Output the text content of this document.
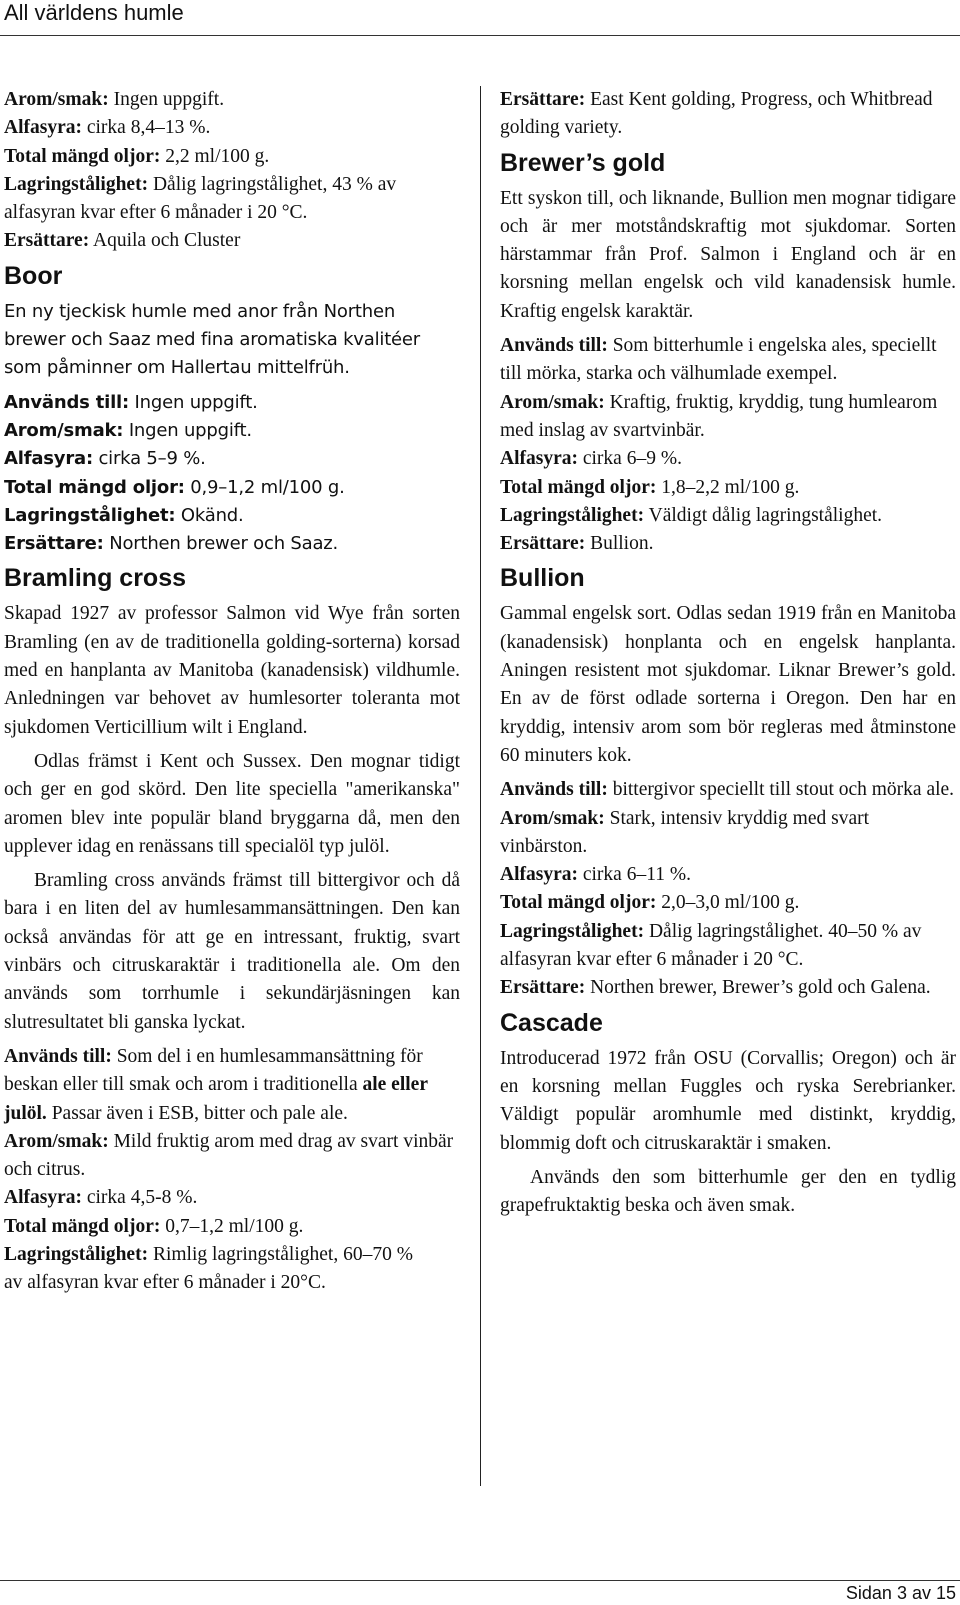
All världens humle

Arom/smak: Ingen uppgift.

Alfasyra: cirka 8,4–13 %.

Total mängd oljor: 2,2 ml/100 g.

Lagringstålighet: Dålig lagringstålighet, 43 % av alfasyran kvar efter 6 månader i 20 °C.

Ersättare: Aquila och Cluster

Boor

En ny tjeckisk humle med anor från Northen brewer och Saaz med fina aromatiska kvalitéer som påminner om Hallertau mittelfrüh.

Används till: Ingen uppgift.

Arom/smak: Ingen uppgift.

Alfasyra: cirka 5–9 %.

Total mängd oljor: 0,9–1,2 ml/100 g.

Lagringstålighet: Okänd.

Ersättare: Northen brewer och Saaz.

Bramling cross

Skapad 1927 av professor Salmon vid Wye från sorten Bramling (en av de traditionella golding-sorterna) korsad med en hanplanta av Manitoba (kanadensisk) vildhumle. Anledningen var behovet av humlesorter toleranta mot sjukdomen Verticillium wilt i England.

Odlas främst i Kent och Sussex. Den mognar tidigt och ger en god skörd. Den lite speciella "amerikanska" aromen blev inte populär bland bryggarna då, men den upplever idag en renässans till specialöl typ julöl.

Bramling cross används främst till bittergivor och då bara i en liten del av humlesammansättningen. Den kan också användas för att ge en intressant, fruktig, svart vinbärs och citruskaraktär i traditionella ale. Om den används som torrhumle i sekundärjäsningen kan slutresultatet bli ganska lyckat.

Används till: Som del i en humlesammansättning för beskan eller till smak och arom i traditionella ale eller julöl. Passar även i ESB, bitter och pale ale.

Arom/smak: Mild fruktig arom med drag av svart vinbär och citrus.

Alfasyra: cirka 4,5-8 %.

Total mängd oljor: 0,7–1,2 ml/100 g.

Lagringstålighet: Rimlig lagringstålighet, 60–70 % av alfasyran kvar efter 6 månader i 20°C.

Ersättare: East Kent golding, Progress, och Whitbread golding variety.

Brewer’s gold

Ett syskon till, och liknande, Bullion men mognar tidigare och är mer motståndskraftig mot sjukdomar. Sorten härstammar från Prof. Salmon i England och är en korsning mellan engelsk och vild kanadensisk humle. Kraftig engelsk karaktär.

Används till: Som bitterhumle i engelska ales, speciellt till mörka, starka och välhumlade exempel.

Arom/smak: Kraftig, fruktig, kryddig, tung humlearom med inslag av svartvinbär.

Alfasyra: cirka 6–9 %.

Total mängd oljor: 1,8–2,2 ml/100 g.

Lagringstålighet: Väldigt dålig lagringstålighet.

Ersättare: Bullion.

Bullion

Gammal engelsk sort. Odlas sedan 1919 från en Manitoba (kanadensisk) honplanta och en engelsk hanplanta. Aningen resistent mot sjukdomar. Liknar Brewer’s gold. En av de först odlade sorterna i Oregon. Den har en kryddig, intensiv arom som bör regleras med åtminstone 60 minuters kok.

Används till: bittergivor speciellt till stout och mörka ale.

Arom/smak: Stark, intensiv kryddig med svart vinbärston.

Alfasyra: cirka 6–11 %.

Total mängd oljor: 2,0–3,0 ml/100 g.

Lagringstålighet: Dålig lagringstålighet. 40–50 % av alfasyran kvar efter 6 månader i 20 °C.

Ersättare: Northen brewer, Brewer’s gold och Galena.

Cascade

Introducerad 1972 från OSU (Corvallis; Oregon) och är en korsning mellan Fuggles och ryska Serebrianker. Väldigt populär aromhumle med distinkt, kryddig, blommig doft och citruskaraktär i smaken.

Används den som bitterhumle ger den en tydlig grapefruktaktig beska och även smak.

Sidan 3 av 15
